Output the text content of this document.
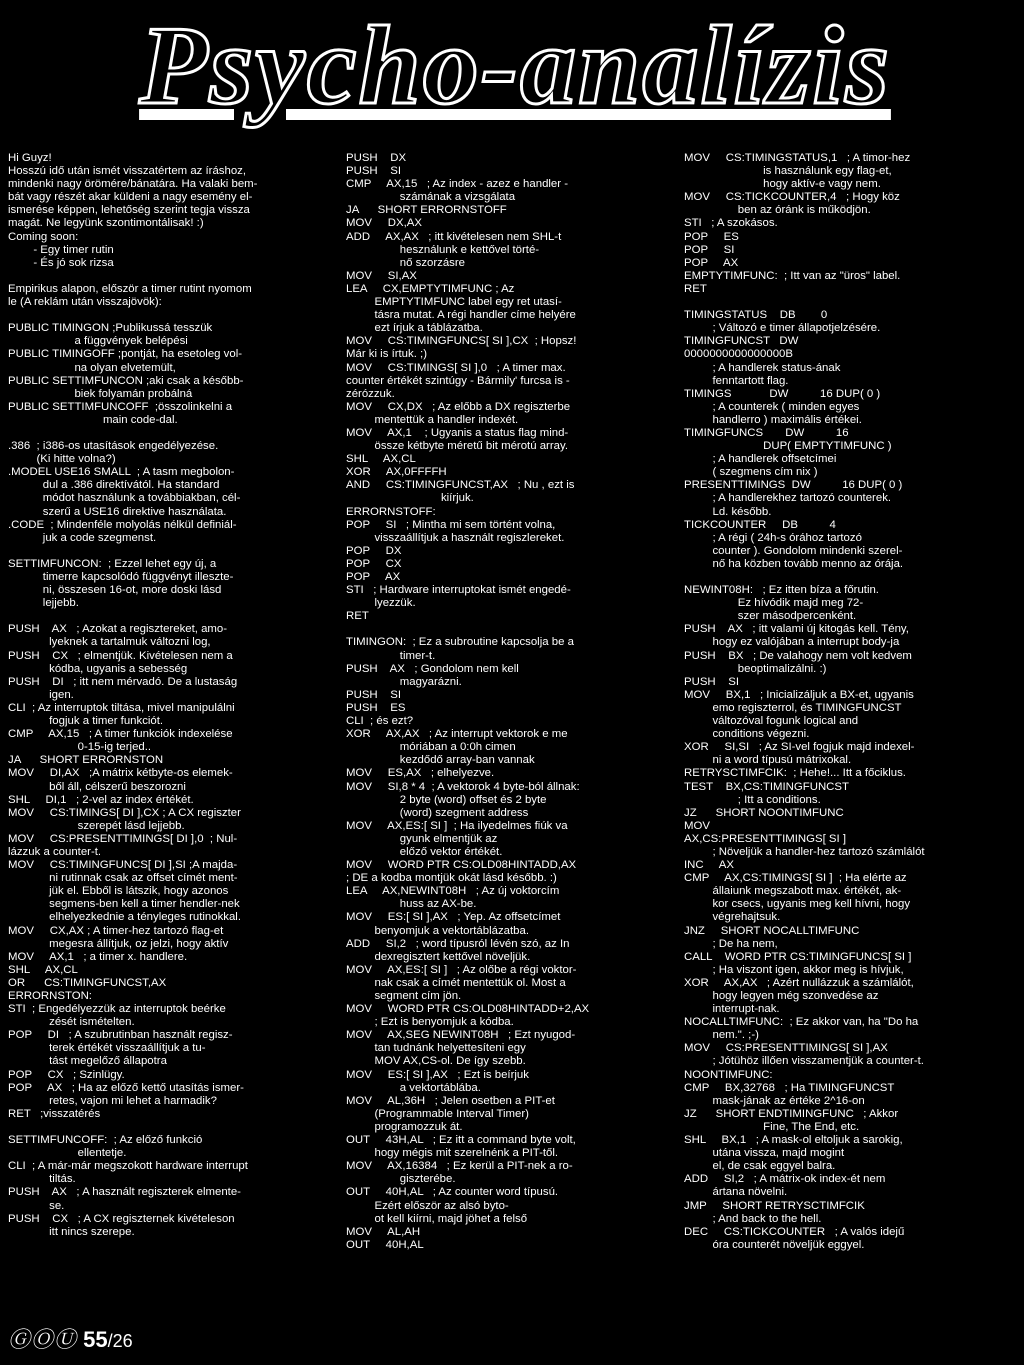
Psycho-analízis
Hi Guyz!
Hosszú idő után ismét visszatértem az íráshoz,
mindenki nagy örömére/bánatára. Ha valaki bem-
bát vagy részét akar küldeni a nagy esemény el-
ismerése képpen, lehetőség szerint tegja vissza
magát. Ne legyünk szontimontálisak! :)
Coming soon:
- Egy timer rutin
- És jó sok rizsa
Empirikus alapon, először a timer rutint nyomom
le (A reklám után visszajövök):
PUBLIC TIMINGON ;Publikussá tesszük
a függvények belépési
PUBLIC TIMINGOFF ;pontját, ha esetoleg vol-
na olyan elvetemült,
PUBLIC SETTIMFUNCON ;aki csak a később-
biek folyamán probálná
PUBLIC SETTIMFUNCOFF  ;összolinkelni a
main code-dal.
.386  ; i386-os utasítások engedélyezése.
(Ki hitte volna?)
.MODEL USE16 SMALL  ; A tasm megbolon-
dul a .386 direktívától. Ha standard
módot használunk a továbbiakban, cél-
szerű a USE16 direktive használata.
.CODE  ; Mindenféle molyolás nélkül definiál-
juk a code szegmenst.
SETTIMFUNCON:  ; Ezzel lehet egy új, a
timerre kapcsolódó függvényt illeszte-
ni, összesen 16-ot, more doski lásd
lejjebb.
PUSH    AX   ; Azokat a regisztereket, amo-
lyeknek a tartalmuk változni log,
PUSH    CX   ; elmentjük. Kivételesen nem a
kódba, ugyanis a sebesség
PUSH    DI   ; itt nem mérvadó. De a lustaság
igen.
CLI  ; Az interruptok tiltása, mivel manipulálni
fogjuk a timer funkciót.
CMP     AX,15   ; A timer funkciók indexelése
0-15-ig terjed..
JA      SHORT ERRORNSTON
MOV     DI,AX   ;A mátrix kétbyte-os elemek-
ből áll, célszerű beszorozni
SHL     DI,1   ; 2-vel az index értékét.
MOV     CS:TIMINGS[ DI ],CX ; A CX regiszter
szerepét lásd lejjebb.
MOV     CS:PRESENTTIMINGS[ DI ],0  ; Nul-
lázzuk a counter-t.
MOV     CS:TIMINGFUNCS[ DI ],SI ;A majda-
ni rutinnak csak az offset címét ment-
jük el. Ebből is látszik, hogy azonos
segmens-ben kell a timer hendler-nek
elhelyezkednie a tényleges rutinokkal.
MOV     CX,AX ; A timer-hez tartozó flag-et
megesra állítjuk, oz jelzi, hogy aktív
MOV     AX,1   ; a timer x. handlere.
SHL     AX,CL
OR      CS:TIMINGFUNCST,AX
ERRORNSTON:
STI  ; Engedélyezzük az interruptok beérke
zését ismételten.
POP     DI   ; A szubrutinban használt regisz-
terek értékét visszaállítjuk a tu-
tást megelőző állapotra
POP     CX   ; Szinlügy.
POP     AX   ; Ha az előző kettő utasítás ismer-
retes, vajon mi lehet a harmadik?
RET   ;visszatérés
SETTIMFUNCOFF:  ; Az előző funkció
ellentetje.
CLI  ; A már-már megszokott hardware interrupt
tiltás.
PUSH    AX   ; A használt regiszterek elmente-
se.
PUSH    CX   ; A CX regiszternek kivételeson
itt nincs szerepe.
PUSH    DX
PUSH    SI
CMP     AX,15   ; Az index - azez e handler -
számának a vizsgálata
JA      SHORT ERRORNSTOFF
MOV     DX,AX
ADD     AX,AX   ; itt kivételesen nem SHL-t
hesználunk e kettővel törté-
nő szorzásre
MOV     SI,AX
LEA     CX,EMPTYTIMFUNC ; Az
EMPTYTIMFUNC label egy ret utasí-
tásra mutat. A régi handler címe helyére
ezt írjuk a táblázatba.
MOV     CS:TIMINGFUNCS[ SI ],CX  ; Hopsz!
Már ki is írtuk. ;)
MOV     CS:TIMINGS[ SI ],0   ; A timer max.
counter értékét szintúgy - Bármily' furcsa is -
zérózzuk.
MOV     CX,DX   ; Az előbb a DX regiszterbe
mentettük a handler indexét.
MOV     AX,1    ; Ugyanis a status flag mind-
össze kétbyte méretű bit mérotú array.
SHL     AX,CL
XOR     AX,0FFFFH
AND     CS:TIMINGFUNCST,AX   ; Nu , ezt is
kiírjuk.
ERRORNSTOFF:
POP     SI   ; Mintha mi sem történt volna,
visszaállítjuk a használt regiszlereket.
POP     DX
POP     CX
POP     AX
STI   ; Hardware interruptokat ismét engedé-
lyezzük.
RET
TIMINGON:  ; Ez a subroutine kapcsolja be a
timer-t.
PUSH    AX   ; Gondolom nem kell
magyarázni.
PUSH    SI
PUSH    ES
CLI  ; és ezt?
XOR     AX,AX   ; Az interrupt vektorok e me
móriában a 0:0h cimen
kezdődő array-ban vannak
MOV     ES,AX   ; elhelyezve.
MOV     SI,8 * 4  ; A vektorok 4 byte-ból állnak:
2 byte (word) offset és 2 byte
(word) szegment address
MOV     AX,ES:[ SI ]  ; Ha ilyedelmes fiúk va
gyunk elmentjük az
előző vektor értékét.
MOV     WORD PTR CS:OLD08HINTADD,AX
; DE a kodba montjük okát lásd később. :)
LEA     AX,NEWINT08H   ; Az új voktorcím
huss az AX-be.
MOV     ES:[ SI ],AX   ; Yep. Az offsetcímet
benyomjuk a vektortáblázatba.
ADD     SI,2   ; word típusról lévén szó, az In
dexregisztert kettővel növeljük.
MOV     AX,ES:[ SI ]   ; Az olőbe a régi voktor-
nak csak a címét mentettük ol. Most a
segment cím jön.
MOV     WORD PTR CS:OLD08HINTADD+2,AX
; Ezt is benyomjuk a kódba.
MOV     AX,SEG NEWINT08H   ; Ezt nyugod-
tan tudnánk helyettesíteni egy
MOV AX,CS-ol. De így szebb.
MOV     ES:[ SI ],AX   ; Ezt is beírjuk
a vektortáblába.
MOV     AL,36H   ; Jelen osetben a PIT-et
(Programmable Interval Timer)
programozzuk át.
OUT     43H,AL   ; Ez itt a command byte volt,
hogy mégis mit szerelnénk a PIT-től.
MOV     AX,16384   ; Ez kerül a PIT-nek a ro-
giszterébe.
OUT     40H,AL   ; Az counter word típusú.
Ezért először az alsó byto-
ot kell kiírni, majd jöhet a felső
MOV     AL,AH
OUT     40H,AL
MOV     CS:TIMINGSTATUS,1   ; A timor-hez
is használunk egy flag-et,
hogy aktív-e vagy nem.
MOV     CS:TICKCOUNTER,4   ; Hogy köz
ben az óránk is működjön.
STI   ; A szokásos.
POP     ES
POP     SI
POP     AX
EMPTYTIMFUNC:  ; Itt van az "üros" label.
RET
TIMINGSTATUS    DB        0
; Változó e timer állapotjelzésére.
TIMINGFUNCST   DW
0000000000000000B
; A handlerek status-ának
fenntartott flag.
TIMINGS            DW          16 DUP( 0 )
; A counterek ( minden egyes
handlerro ) maximális értékei.
TIMINGFUNCS       DW          16
DUP( EMPTYTIMFUNC )
; A handlerek offsetcímei
( szegmens cím nix )
PRESENTTIMINGS  DW          16 DUP( 0 )
; A handlerekhez tartozó counterek.
Ld. később.
TICKCOUNTER     DB          4
; A régi ( 24h-s órához tartozó
counter ). Gondolom mindenki szerel-
nő ha közben tovább menno az órája.
NEWINT08H:   ; Ez itten bíza a főrutin.
Ez hívódik majd meg 72-
szer másodpercenként.
PUSH    AX   ; itt valami új kitogás kell. Tény,
hogy ez valójában a interrupt body-ja
PUSH    BX   ; De valahogy nem volt kedvem
beoptimalizálni. :)
PUSH    SI
MOV     BX,1   ; Inicializáljuk a BX-et, ugyanis
emo regiszterrol, és TIMINGFUNCST
változóval fogunk logical and
conditions végezni.
XOR     SI,SI   ; Az SI-vel fogjuk majd indexel-
ni a word típusú mátrixokal.
RETRYSCTIMFCIK:  ; Hehe!... Itt a főciklus.
TEST    BX,CS:TIMINGFUNCST
; Itt a conditions.
JZ      SHORT NOONTIMFUNC
MOV
AX,CS:PRESENTTIMINGS[ SI ]
; Növeljük a handler-hez tartozó számlálót
INC     AX
CMP     AX,CS:TIMINGS[ SI ]  ; Ha elérte az
állaiunk megszabott max. értékét, ak-
kor csecs, ugyanis meg kell hívni, hogy
végrehajtsuk.
JNZ     SHORT NOCALLTIMFUNC
; De ha nem,
CALL    WORD PTR CS:TIMINGFUNCS[ SI ]
; Ha viszont igen, akkor meg is hívjuk,
XOR     AX,AX   ; Azért nullázzuk a számlálót,
hogy legyen még szonvedése az
interrupt-nak.
NOCALLTIMFUNC:  ; Ez akkor van, ha "Do ha
nem.". ;-)
MOV     CS:PRESENTTIMINGS[ SI ],AX
; Jótühöz illően visszamentjük a counter-t.
NOONTIMFUNC:
CMP     BX,32768   ; Ha TIMINGFUNCST
mask-jának az értéke 2^16-on
JZ      SHORT ENDTIMINGFUNC   ; Akkor
Fine, The End, etc.
SHL     BX,1   ; A mask-ol eltoljuk a sarokig,
utána vissza, majd mogint
el, de csak eggyel balra.
ADD     SI,2   ; A mátrix-ok index-ét nem
ártana növelni.
JMP     SHORT RETRYSCTIMFCIK
; And back to the hell.
DEC     CS:TICKCOUNTER   ; A valós idejű
óra counterét növeljük eggyel.
ⒼⓄⓊ 55/26
